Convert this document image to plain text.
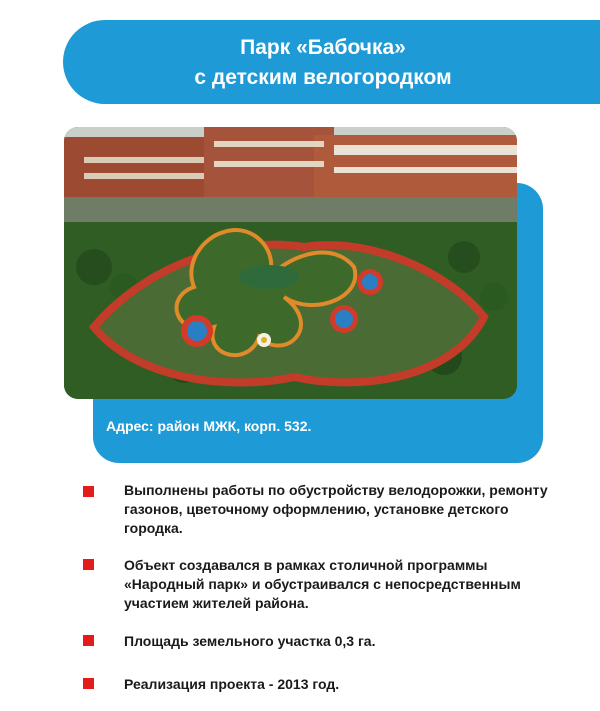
Парк «Бабочка»
с детским велогородком
Адрес: район МЖК, корп. 532.
Выполнены работы по обустройству велодорожки, ремонту газонов, цветочному оформлению, установке детского городка.
Объект создавался в рамках столичной программы «Народный парк» и обустраивался с непосредственным участием жителей района.
Площадь земельного участка 0,3 га.
Реализация проекта - 2013 год.
